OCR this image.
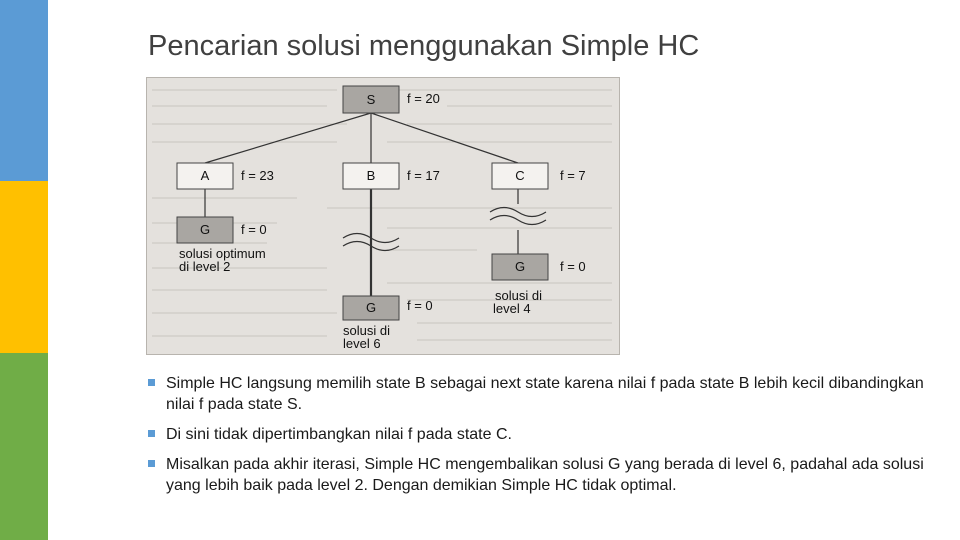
Pencarian solusi menggunakan Simple HC
S f = 20
A f = 23	B f = 17	C	f = 7
G f = 0
G	f = 0
G f = 0
solusi optimum
di level 2
solusi di
level 4
solusi di
level 6
Simple HC langsung memilih state B sebagai next state karena nilai f pada state B lebih kecil dibandingkan nilai f pada state S.
Di sini tidak dipertimbangkan nilai f pada state C.
Misalkan pada akhir iterasi, Simple HC mengembalikan solusi G yang berada di level 6, padahal ada solusi yang lebih baik pada level 2. Dengan demikian Simple HC tidak optimal.
